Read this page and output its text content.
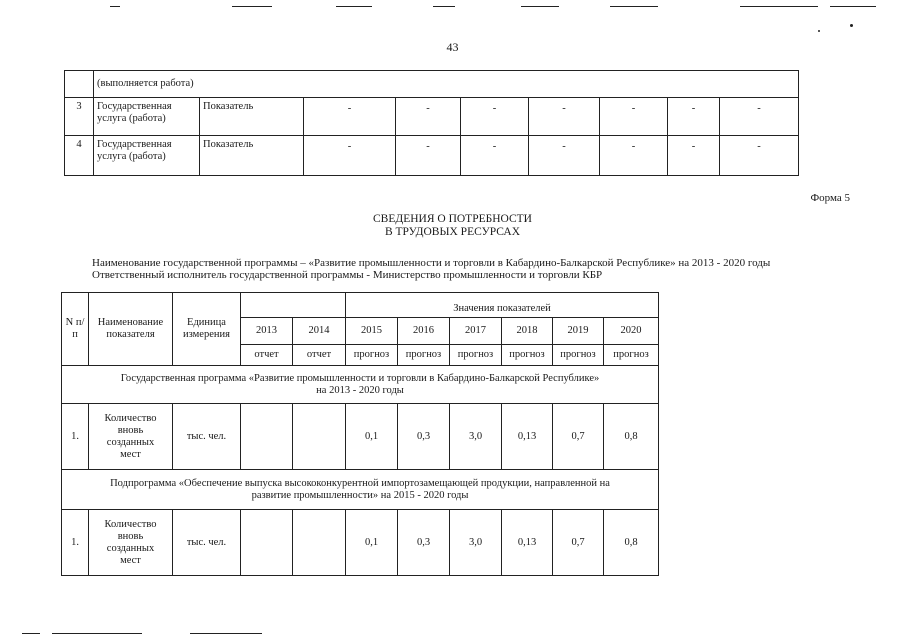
43
	(выполняется работа)								
3	Государственная услуга (работа)	Показатель	-	-	-	-	-	-	-
4	Государственная услуга (работа)	Показатель	-	-	-	-	-	-	-
Форма 5
СВЕДЕНИЯ О ПОТРЕБНОСТИ
В ТРУДОВЫХ РЕСУРСАХ
Наименование государственной программы – «Развитие промышленности и торговли в Кабардино-Балкарской Республике» на 2013 - 2020 годы
Ответственный исполнитель государственной программы - Министерство промышленности и торговли КБР
N п/п	Наименование показателя	Единица измерения			Значения показателей					
			2013	2014	2015	2016	2017	2018	2019	2020
			отчет	отчет	прогноз	прогноз	прогноз	прогноз	прогноз	прогноз

Государственная программа «Развитие промышленности и торговли в Кабардино-Балкарской Республике»
на 2013 - 2020 годы										

1.	Количество
вновь
созданных
мест	тыс. чел.			0,1	0,3	3,0	0,13	0,7	0,8

Подпрограмма «Обеспечение выпуска высококонкурентной импортозамещающей продукции, направленной на
развитие промышленности» на 2015 - 2020 годы										

1.	Количество
вновь
созданных
мест	тыс. чел.			0,1	0,3	3,0	0,13	0,7	0,8
